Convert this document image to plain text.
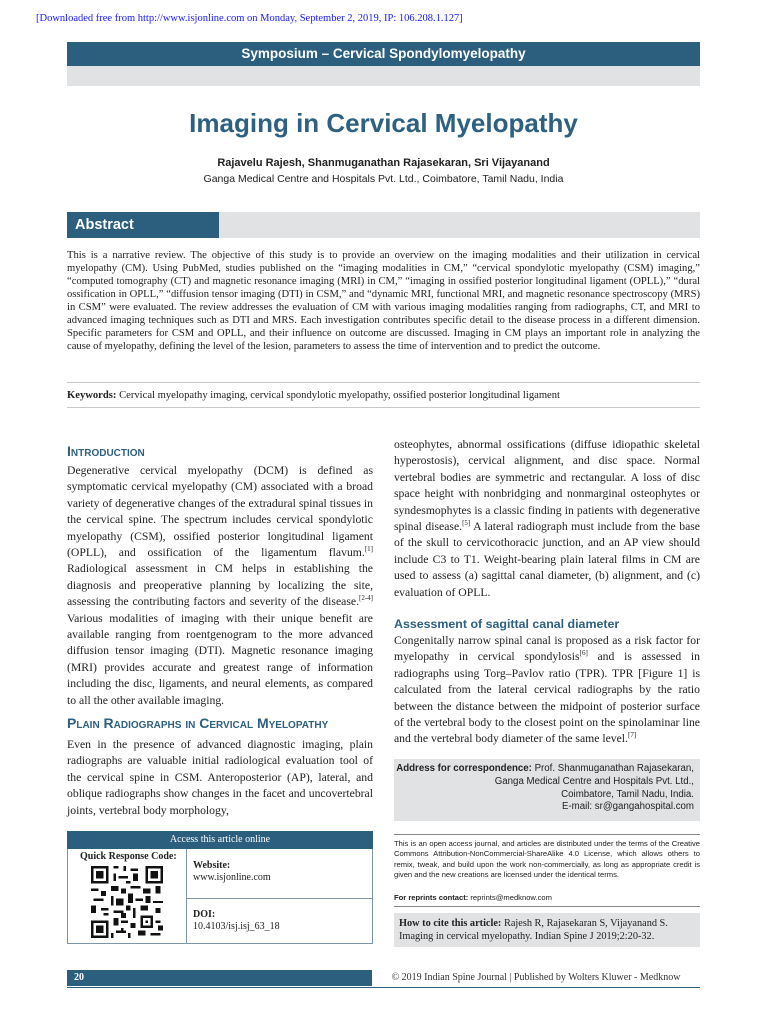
[Downloaded free from http://www.isjonline.com on Monday, September 2, 2019, IP: 106.208.1.127]
Symposium – Cervical Spondylomyelopathy
Imaging in Cervical Myelopathy
Rajavelu Rajesh, Shanmuganathan Rajasekaran, Sri Vijayanand
Ganga Medical Centre and Hospitals Pvt. Ltd., Coimbatore, Tamil Nadu, India
Abstract
This is a narrative review. The objective of this study is to provide an overview on the imaging modalities and their utilization in cervical myelopathy (CM). Using PubMed, studies published on the “imaging modalities in CM,” “cervical spondylotic myelopathy (CSM) imaging,” “computed tomography (CT) and magnetic resonance imaging (MRI) in CM,” “imaging in ossified posterior longitudinal ligament (OPLL),” “dural ossification in OPLL,” “diffusion tensor imaging (DTI) in CSM,” and “dynamic MRI, functional MRI, and magnetic resonance spectroscopy (MRS) in CSM” were evaluated. The review addresses the evaluation of CM with various imaging modalities ranging from radiographs, CT, and MRI to advanced imaging techniques such as DTI and MRS. Each investigation contributes specific detail to the disease process in a different dimension. Specific parameters for CSM and OPLL, and their influence on outcome are discussed. Imaging in CM plays an important role in analyzing the cause of myelopathy, defining the level of the lesion, parameters to assess the time of intervention and to predict the outcome.
Keywords: Cervical myelopathy imaging, cervical spondylotic myelopathy, ossified posterior longitudinal ligament
Introduction
Degenerative cervical myelopathy (DCM) is defined as symptomatic cervical myelopathy (CM) associated with a broad variety of degenerative changes of the extradural spinal tissues in the cervical spine. The spectrum includes cervical spondylotic myelopathy (CSM), ossified posterior longitudinal ligament (OPLL), and ossification of the ligamentum flavum.[1] Radiological assessment in CM helps in establishing the diagnosis and preoperative planning by localizing the site, assessing the contributing factors and severity of the disease.[2-4] Various modalities of imaging with their unique benefit are available ranging from roentgenogram to the more advanced diffusion tensor imaging (DTI). Magnetic resonance imaging (MRI) provides accurate and greatest range of information including the disc, ligaments, and neural elements, as compared to all the other available imaging.
Plain Radiographs in Cervical Myelopathy
Even in the presence of advanced diagnostic imaging, plain radiographs are valuable initial radiological evaluation tool of the cervical spine in CSM. Anteroposterior (AP), lateral, and oblique radiographs show changes in the facet and uncovertebral joints, vertebral body morphology,
osteophytes, abnormal ossifications (diffuse idiopathic skeletal hyperostosis), cervical alignment, and disc space. Normal vertebral bodies are symmetric and rectangular. A loss of disc space height with nonbridging and nonmarginal osteophytes or syndesmophytes is a classic finding in patients with degenerative spinal disease.[5] A lateral radiograph must include from the base of the skull to cervicothoracic junction, and an AP view should include C3 to T1. Weight-bearing plain lateral films in CM are used to assess (a) sagittal canal diameter, (b) alignment, and (c) evaluation of OPLL.
Assessment of sagittal canal diameter
Congenitally narrow spinal canal is proposed as a risk factor for myelopathy in cervical spondylosis[6] and is assessed in radiographs using Torg–Pavlov ratio (TPR). TPR [Figure 1] is calculated from the lateral cervical radiographs by the ratio between the distance between the midpoint of posterior surface of the vertebral body to the closest point on the spinolaminar line and the vertebral body diameter of the same level.[7]
Address for correspondence: Prof. Shanmuganathan Rajasekaran,
Ganga Medical Centre and Hospitals Pvt. Ltd.,
Coimbatore, Tamil Nadu, India.
E-mail: sr@gangahospital.com
Access this article online
Quick Response Code:
Website:
www.isjonline.com
DOI:
10.4103/isj.isj_63_18
This is an open access journal, and articles are distributed under the terms of the Creative Commons Attribution-NonCommercial-ShareAlike 4.0 License, which allows others to remix, tweak, and build upon the work non-commercially, as long as appropriate credit is given and the new creations are licensed under the identical terms.
For reprints contact: reprints@medknow.com
How to cite this article: Rajesh R, Rajasekaran S, Vijayanand S. Imaging in cervical myelopathy. Indian Spine J 2019;2:20-32.
20	© 2019 Indian Spine Journal | Published by Wolters Kluwer - Medknow
